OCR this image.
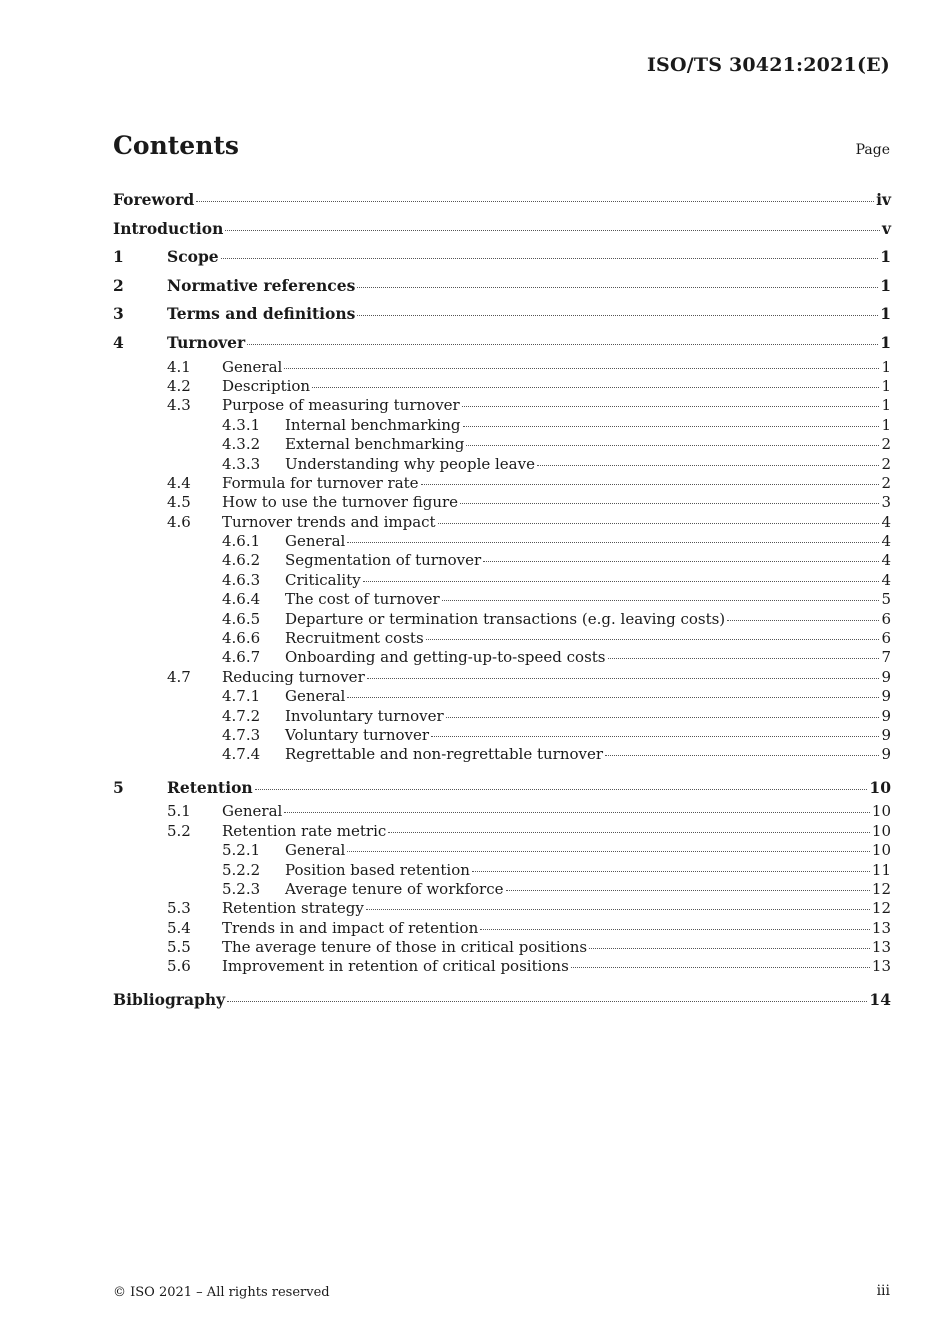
ISO/TS 30421:2021(E)
Contents	Page
Foreword	iv
Introduction	v
1	Scope	1
2	Normative references	1
3	Terms and definitions	1
4	Turnover	1
4.1	General	1
4.2	Description	1
4.3	Purpose of measuring turnover	1
4.3.1	Internal benchmarking	1
4.3.2	External benchmarking	2
4.3.3	Understanding why people leave	2
4.4	Formula for turnover rate	2
4.5	How to use the turnover figure	3
4.6	Turnover trends and impact	4
4.6.1	General	4
4.6.2	Segmentation of turnover	4
4.6.3	Criticality	4
4.6.4	The cost of turnover	5
4.6.5	Departure or termination transactions (e.g. leaving costs)	6
4.6.6	Recruitment costs	6
4.6.7	Onboarding and getting-up-to-speed costs	7
4.7	Reducing turnover	9
4.7.1	General	9
4.7.2	Involuntary turnover	9
4.7.3	Voluntary turnover	9
4.7.4	Regrettable and non-regrettable turnover	9
5	Retention	10
5.1	General	10
5.2	Retention rate metric	10
5.2.1	General	10
5.2.2	Position based retention	11
5.2.3	Average tenure of workforce	12
5.3	Retention strategy	12
5.4	Trends in and impact of retention	13
5.5	The average tenure of those in critical positions	13
5.6	Improvement in retention of critical positions	13
Bibliography	14
© ISO 2021 – All rights reserved	iii
